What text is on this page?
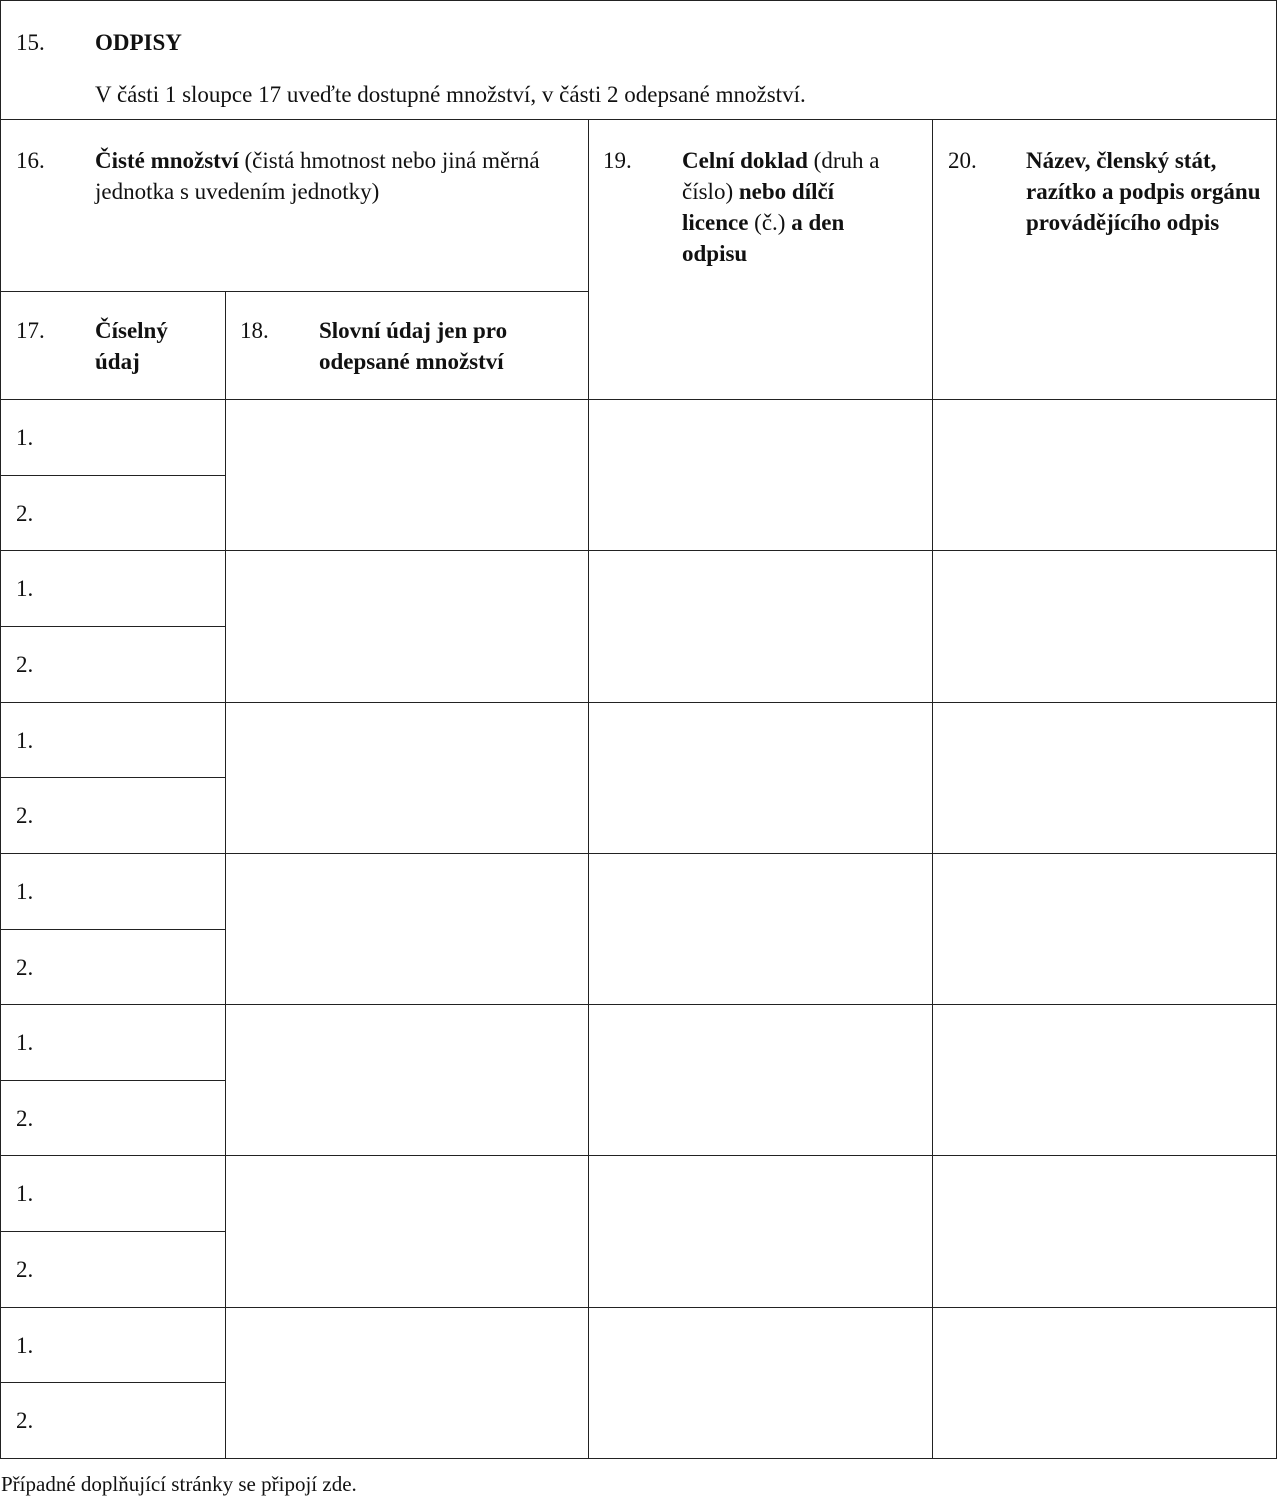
15. ODPISY
V části 1 sloupce 17 uveďte dostupné množství, v části 2 odepsané množství.			

16. Čisté množství (čistá hmotnost nebo jiná měrná jednotka s uvedením jednotky)		19. Celní doklad (druh a číslo) nebo dílčí licence (č.) a den odpisu	20. Název, členský stát, razítko a podpis orgánu provádějícího odpis

17. Číselný údaj	18. Slovní údaj jen pro odepsané množství		

1.			

2.			

1.			

2.			

1.			

2.			

1.			

2.			

1.			

2.			

1.			

2.			

1.			

2.			
Případné doplňující stránky se připojí zde.
